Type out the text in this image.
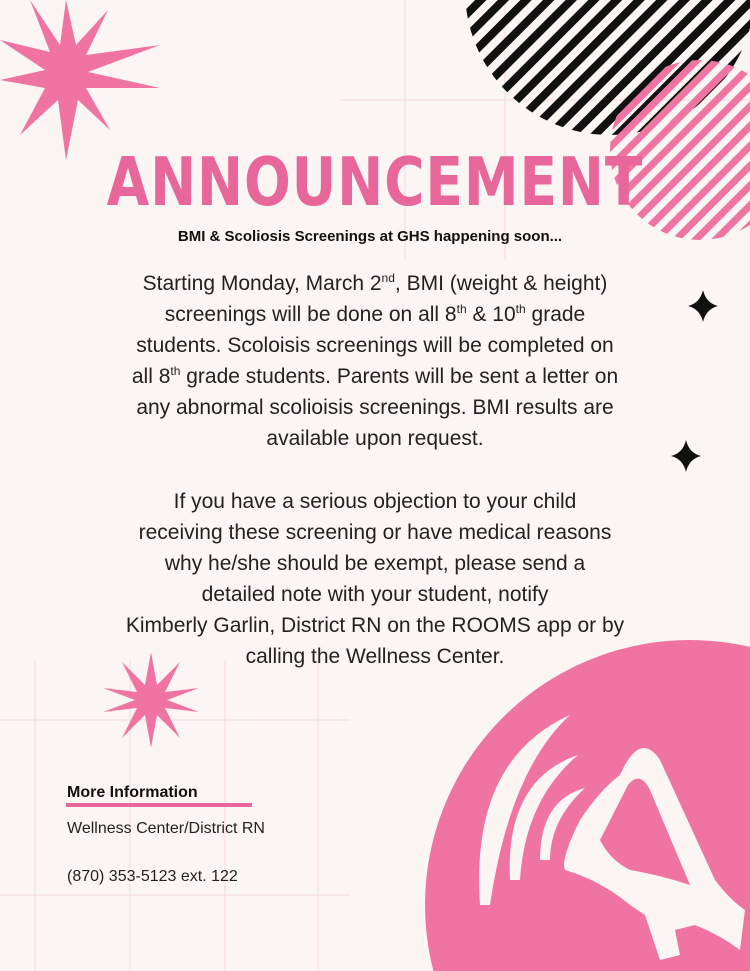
ANNOUNCEMENT
BMI & Scoliosis Screenings at GHS happening soon...
Starting Monday, March 2nd, BMI (weight & height)
screenings will be done on all 8th & 10th grade
students. Scoloisis screenings will be completed on
all 8th grade students. Parents will be sent a letter on
any abnormal scolioisis screenings. BMI results are
available upon request.
If you have a serious objection to your child
receiving these screening or have medical reasons
why he/she should be exempt, please send a
detailed note with your student, notify
Kimberly Garlin, District RN on the ROOMS app or by
calling the Wellness Center.
More Information
Wellness Center/District RN
(870) 353-5123 ext. 122
